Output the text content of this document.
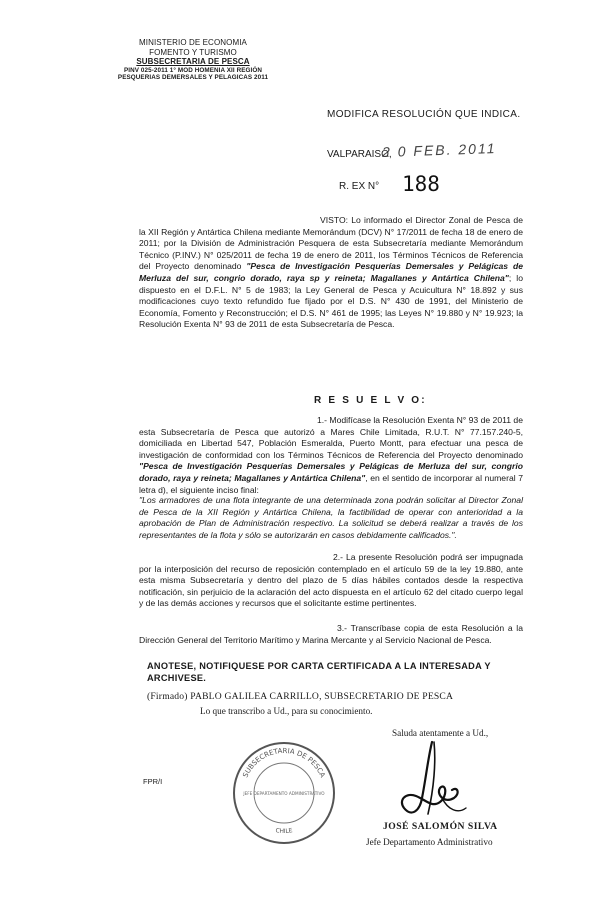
MINISTERIO DE ECONOMIA
FOMENTO Y TURISMO
SUBSECRETARIA DE PESCA
PINV 025-2011 1° MOD HOMENIA XII REGIÓN
PESQUERIAS DEMERSALES Y PELAGICAS 2011
MODIFICA RESOLUCIÓN QUE INDICA.
VALPARAISO,
2 0 FEB. 2011
R. EX N° 188
VISTO: Lo informado el Director Zonal de Pesca de la XII Región y Antártica Chilena mediante Memorándum (DCV) N° 17/2011 de fecha 18 de enero de 2011; por la División de Administración Pesquera de esta Subsecretaría mediante Memorándum Técnico (P.INV.) N° 025/2011 de fecha 19 de enero de 2011, los Términos Técnicos de Referencia del Proyecto denominado "Pesca de Investigación Pesquerías Demersales y Pelágicas de Merluza del sur, congrio dorado, raya sp y reineta; Magallanes y Antártica Chilena"; lo dispuesto en el D.F.L. N° 5 de 1983; la Ley General de Pesca y Acuicultura N° 18.892 y sus modificaciones cuyo texto refundido fue fijado por el D.S. N° 430 de 1991, del Ministerio de Economía, Fomento y Reconstrucción; el D.S. N° 461 de 1995; las Leyes N° 19.880 y N° 19.923; la Resolución Exenta N° 93 de 2011 de esta Subsecretaría de Pesca.
R E S U E L V O:
1.- Modifícase la Resolución Exenta N° 93 de 2011 de esta Subsecretaría de Pesca que autorizó a Mares Chile Limitada, R.U.T. N° 77.157.240-5, domiciliada en Libertad 547, Población Esmeralda, Puerto Montt, para efectuar una pesca de investigación de conformidad con los Términos Técnicos de Referencia del Proyecto denominado "Pesca de Investigación Pesquerías Demersales y Pelágicas de Merluza del sur, congrio dorado, raya y reineta; Magallanes y Antártica Chilena", en el sentido de incorporar al numeral 7 letra d), el siguiente inciso final:
"Los armadores de una flota integrante de una determinada zona podrán solicitar al Director Zonal de Pesca de la XII Región y Antártica Chilena, la factibilidad de operar con anterioridad a la aprobación de Plan de Administración respectivo. La solicitud se deberá realizar a través de los representantes de la flota y sólo se autorizarán en casos debidamente calificados.".
2.- La presente Resolución podrá ser impugnada por la interposición del recurso de reposición contemplado en el artículo 59 de la ley 19.880, ante esta misma Subsecretaría y dentro del plazo de 5 días hábiles contados desde la respectiva notificación, sin perjuicio de la aclaración del acto dispuesta en el artículo 62 del citado cuerpo legal y de las demás acciones y recursos que el solicitante estime pertinentes.
3.- Transcríbase copia de esta Resolución a la Dirección General del Territorio Marítimo y Marina Mercante y al Servicio Nacional de Pesca.
ANOTESE, NOTIFIQUESE POR CARTA CERTIFICADA A LA INTERESADA Y ARCHIVESE.
(Firmado) PABLO GALILEA CARRILLO, SUBSECRETARIO DE PESCA
Lo que transcribo a Ud., para su conocimiento.
Saluda atentamente a Ud.,
FPR/I
SUBSECRETARIA DE PESCA
CHILE
JEFE DEPARTAMENTO ADMINISTRATIVO
JOSÉ SALOMÓN SILVA
Jefe Departamento Administrativo
